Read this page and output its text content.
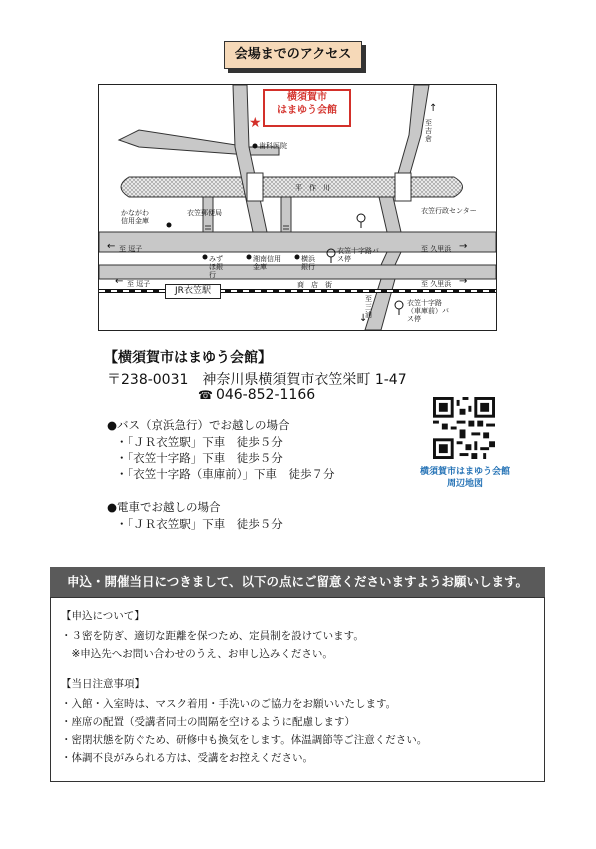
会場までのアクセス
横須賀市
はまゆう会館
★
JR衣笠駅
平　作　川
商　店　街
歯科医院
かながわ信用金庫
衣笠郵便局	衣笠行政センター
みずほ銀行
湘南信用金庫
横浜銀行
衣笠十字路バス停
衣笠十字路（車庫前）バス停
↑
至 吉倉
至 三浦
↓
至 久里浜 →
至 久里浜 →
至 逗子
←
至 逗子
←
【横須賀市はまゆう会館】
〒238-0031　神奈川県横須賀市衣笠栄町 1-47
☎ 046-852-1166
●バス（京浜急行）でお越しの場合
・「ＪＲ衣笠駅」下車　徒歩５分
・「衣笠十字路」下車　徒歩５分
・「衣笠十字路（車庫前）」下車　徒歩７分
●電車でお越しの場合
・「ＪＲ衣笠駅」下車　徒歩５分
横須賀市はまゆう会館
周辺地図
申込・開催当日につきまして、以下の点にご留意くださいますようお願いします。
【申込について】
・３密を防ぎ、適切な距離を保つため、定員制を設けています。
　※申込先へお問い合わせのうえ、お申し込みください。
【当日注意事項】
・入館・入室時は、マスク着用・手洗いのご協力をお願いいたします。
・座席の配置（受講者同士の間隔を空けるように配慮します）
・密閉状態を防ぐため、研修中も換気をします。体温調節等ご注意ください。
・体調不良がみられる方は、受講をお控えください。
